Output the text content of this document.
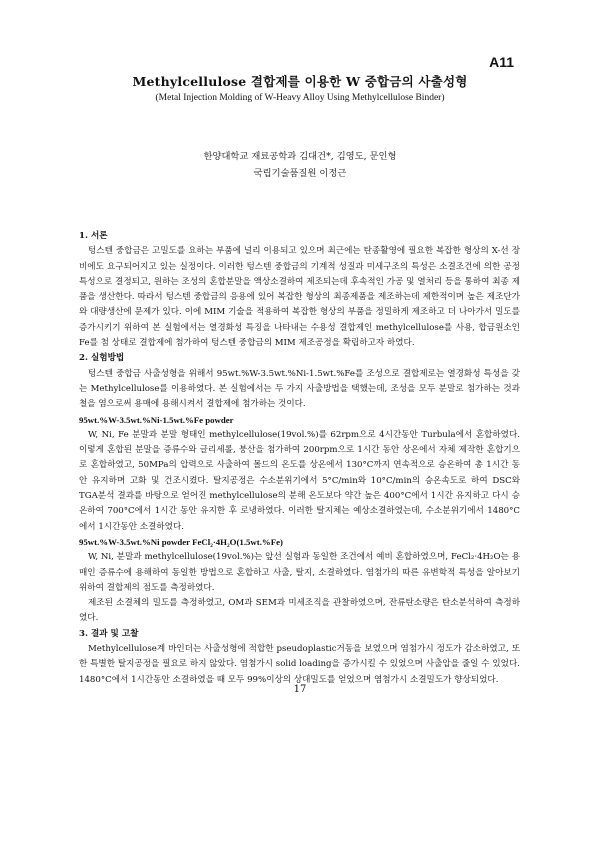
A11
Methylcellulose 결합제를 이용한 W 중합금의 사출성형
(Metal Injection Molding of W-Heavy Alloy Using Methylcellulose Binder)
한양대학교 재료공학과 김대건*, 김영도, 문인형
국립기술품질원 이정근
1. 서론

텅스텐 중합금은 고밀도를 요하는 부품에 널리 이용되고 있으며 최근에는 탄종활영에 필요한 복잡한 형상의 X-선 장비에도 요구되어지고 있는 실정이다. 이러한 텅스텐 중합금의 기계적 성질과 미세구조의 특성은 소결조건에 의한 공정특성으로 결정되고, 원하는 조성의 혼합분말을 액상소결하여 제조되는데 후속적인 가공 및 열처리 등을 통하여 최종 제품을 생산한다. 따라서 텅스텐 중합금의 응용에 있어 복잡한 형상의 최종제품을 제조하는데 제한적이며 높은 제조단가와 대량생산에 문제가 있다. 이에 MIM 기술을 적용하여 복잡한 형상의 부품을 정밀하게 제조하고 더 나아가서 밀도를 증가시키기 위하여 본 실험에서는 열경화성 특징을 나타내는 수용성 결합제인 methylcellulose를 사용, 합금원소인 Fe를 첨 상태로 결합제에 첨가하여 텅스텐 중합금의 MIM 제조공정을 확립하고자 하였다.

2. 실험방법

텅스텐 중합금 사출성형을 위해서 95wt.%W-3.5wt.%Ni-1.5wt.%Fe를 조성으로 결합제로는 열경화성 특성을 갖는 Methylcellulose를 이용하였다. 본 실험에서는 두 가지 사출방법을 택했는데, 조성을 모두 분말로 첨가하는 것과 철을 염으로써 용매에 용해시켜서 결합제에 첨가하는 것이다.

95wt.%W-3.5wt.%Ni-1.5wt.%Fe powder

W, Ni, Fe 분말과 분말 형태인 methylcellulose(19vol.%)를 62rpm으로 4시간동안 Turbula에서 혼합하였다. 이렇게 혼합된 분말을 증류수와 글리세롤, 붕산을 첨가하여 200rpm으로 1시간 동안 상온에서 자체 제작한 혼합기으로 혼합하였고, 50MPa의 압력으로 사출하여 몰드의 온도를 상온에서 130°C까지 연속적으로 승온하여 총 1시간 동안 유지하며 고화 및 건조시켰다. 탈지공정은 수소분위기에서 5°C/min와 10°C/min의 승온속도로 하여 DSC와 TGA분석 결과를 바탕으로 얻어진 methylcellulose의 분해 온도보다 약간 높은 400°C에서 1시간 유지하고 다시 승온하여 700°C에서 1시간 동안 유지한 후 로냉하였다. 이러한 탈지체는 예상소결하였는데, 수소분위기에서 1480°C에서 1시간동안 소결하였다.

95wt.%W-3.5wt.%Ni powder FeCl₂·4H₂O(1.5wt.%Fe)

W, Ni, 분말과 methylcellulose(19vol.%)는 앞선 실험과 동일한 조건에서 예비 혼합하였으며, FeCl₂·4H₂O는 용매인 증류수에 용해하여 동일한 방법으로 혼합하고 사출, 탈지, 소결하였다. 염첨가의 따른 유변학적 특성을 알아보기 위하여 결합제의 점도를 측정하였다.

제조된 소결체의 밀도를 측정하였고, OM과 SEM과 미세조직을 관찰하였으며, 잔류탄소량은 탄소분석하여 측정하였다.

3. 결과 및 고찰

Methylcellulose계 바인더는 사출성형에 적합한 pseudoplastic거동을 보였으며 염첨가시 정도가 감소하였고, 또한 특별한 탈지공정을 필요로 하지 않았다. 염첨가시 solid loading을 증가시킬 수 있었으며 사출압을 줄일 수 있었다. 1480°C에서 1시간동안 소결하였을 때 모두 99%이상의 상대밀도를 얻었으며 염첨가시 소결밀도가 향상되었다.

17
